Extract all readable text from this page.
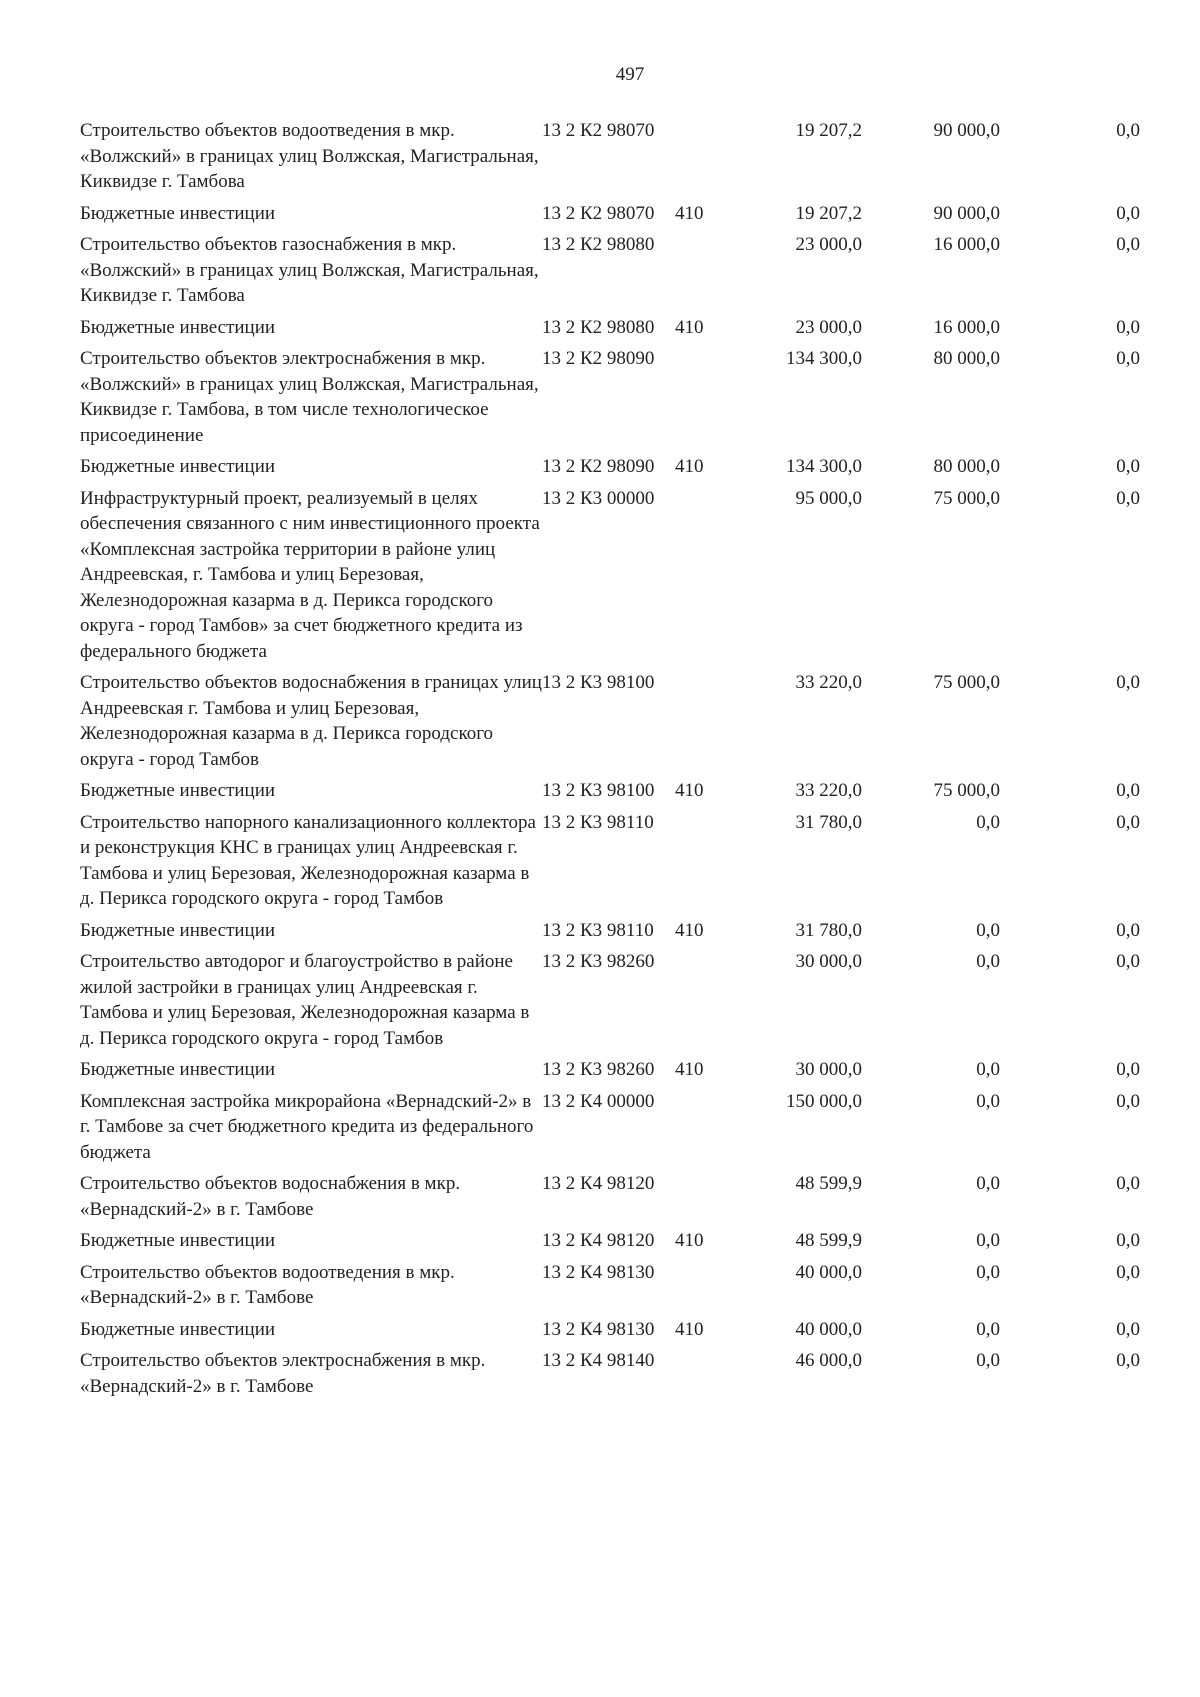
497
Строительство объектов водоотведения в мкр. «Волжский» в границах улиц Волжская, Магистральная, Киквидзе г. Тамбова	13 2 К2 98070		19 207,2	90 000,0	0,0
Бюджетные инвестиции	13 2 К2 98070	410	19 207,2	90 000,0	0,0
Строительство объектов газоснабжения в мкр. «Волжский» в границах улиц Волжская, Магистральная, Киквидзе г. Тамбова	13 2 К2 98080		23 000,0	16 000,0	0,0
Бюджетные инвестиции	13 2 К2 98080	410	23 000,0	16 000,0	0,0
Строительство объектов электроснабжения в мкр. «Волжский» в границах улиц Волжская, Магистральная, Киквидзе г. Тамбова, в том числе технологическое присоединение	13 2 К2 98090		134 300,0	80 000,0	0,0
Бюджетные инвестиции	13 2 К2 98090	410	134 300,0	80 000,0	0,0
Инфраструктурный проект, реализуемый в целях обеспечения связанного с ним инвестиционного проекта «Комплексная застройка территории в районе улиц Андреевская, г. Тамбова и улиц Березовая, Железнодорожная казарма в д. Перикса городского округа - город Тамбов» за счет бюджетного кредита из федерального бюджета	13 2 К3 00000		95 000,0	75 000,0	0,0
Строительство объектов водоснабжения в границах улиц Андреевская г. Тамбова и улиц Березовая, Железнодорожная казарма в д. Перикса городского округа - город Тамбов	13 2 К3 98100		33 220,0	75 000,0	0,0
Бюджетные инвестиции	13 2 К3 98100	410	33 220,0	75 000,0	0,0
Строительство напорного канализационного коллектора и реконструкция КНС в границах улиц Андреевская г. Тамбова и улиц Березовая, Железнодорожная казарма в д. Перикса городского округа - город Тамбов	13 2 К3 98110		31 780,0	0,0	0,0
Бюджетные инвестиции	13 2 К3 98110	410	31 780,0	0,0	0,0
Строительство автодорог и благоустройство в районе жилой застройки в границах улиц Андреевская г. Тамбова и улиц Березовая, Железнодорожная казарма в д. Перикса городского округа - город Тамбов	13 2 К3 98260		30 000,0	0,0	0,0
Бюджетные инвестиции	13 2 К3 98260	410	30 000,0	0,0	0,0
Комплексная застройка микрорайона «Вернадский-2» в г. Тамбове за счет бюджетного кредита из федерального бюджета	13 2 К4 00000		150 000,0	0,0	0,0
Строительство объектов водоснабжения в мкр. «Вернадский-2» в г. Тамбове	13 2 К4 98120		48 599,9	0,0	0,0
Бюджетные инвестиции	13 2 К4 98120	410	48 599,9	0,0	0,0
Строительство объектов водоотведения в мкр. «Вернадский-2» в г. Тамбове	13 2 К4 98130		40 000,0	0,0	0,0
Бюджетные инвестиции	13 2 К4 98130	410	40 000,0	0,0	0,0
Строительство объектов электроснабжения в мкр. «Вернадский-2» в г. Тамбове	13 2 К4 98140		46 000,0	0,0	0,0
